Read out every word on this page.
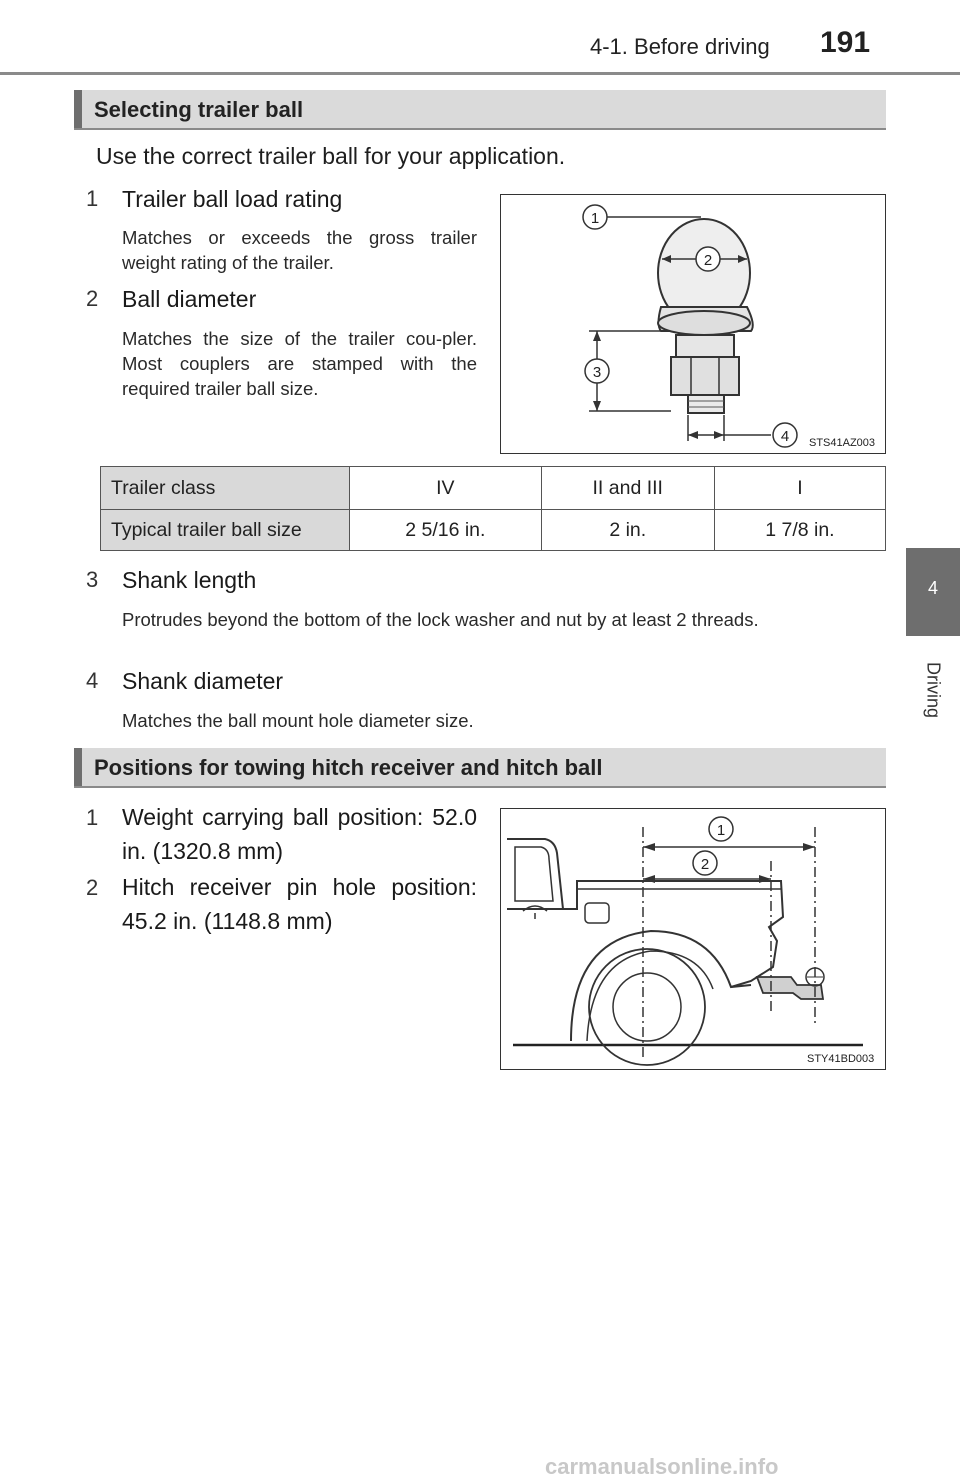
4-1. Before driving 191
4
Driving
Selecting trailer ball
Use the correct trailer ball for your application.
1 Trailer ball load rating
Matches or exceeds the gross trailer weight rating of the trailer.
2 Ball diameter
Matches the size of the trailer cou-pler. Most couplers are stamped with the required trailer ball size.
1
2
3
4 STS41AZ003
Trailer class	IV	II and III	I
Typical trailer ball size	2 5/16 in.	2 in.	1 7/8 in.
3 Shank length
Protrudes beyond the bottom of the lock washer and nut by at least 2 threads.
4 Shank diameter
Matches the ball mount hole diameter size.
Positions for towing hitch receiver and hitch ball
1 Weight carrying ball position: 52.0 in. (1320.8 mm)
2 Hitch receiver pin hole position: 45.2 in. (1148.8 mm)
1
2
STY41BD003
carmanualsonline.info
